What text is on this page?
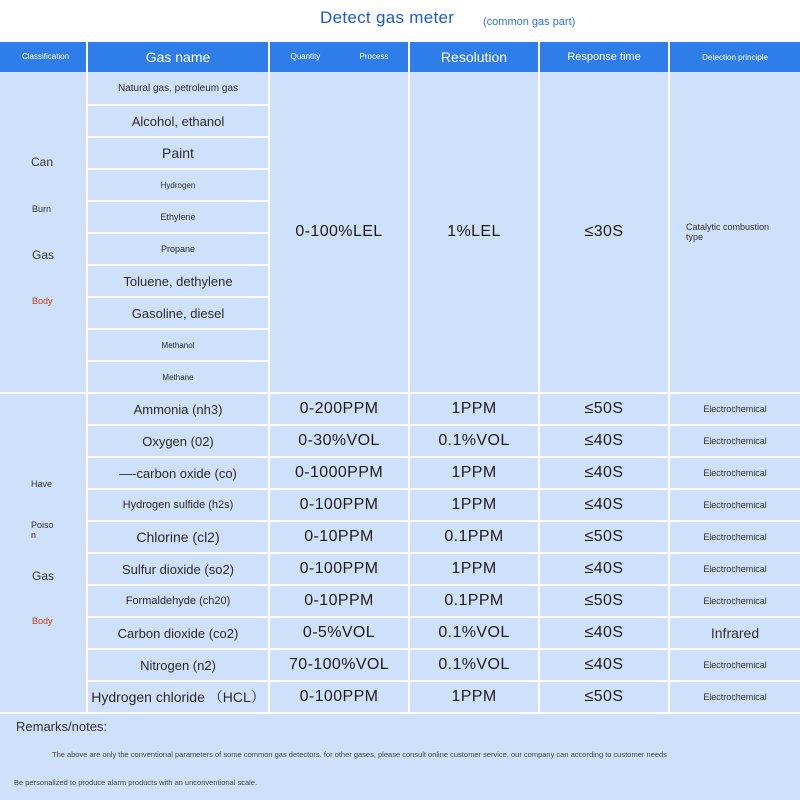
Detect gas meter	(common gas part)
Classification	Gas name	Quantity	Process	Resolution	Response time	Detection principle
Can
Burn
Gas
Body
Natural gas, petroleum gas
Alcohol, ethanol
Paint
Hydrogen
Ethylene
Propane
Toluene, dethylene
Gasoline, diesel
Methanol
Methane
0-100%LEL	1%LEL	≤30S	Catalytic combustion type
Have
Poison
Gas
Body
Ammonia (nh3)	0-200PPM	1PPM	≤50S	Electrochemical
Oxygen (02)	0-30%VOL	0.1%VOL	≤40S	Electrochemical
—-carbon oxide (co)	0-1000PPM	1PPM	≤40S	Electrochemical
Hydrogen sulfide (h2s)	0-100PPM	1PPM	≤40S	Electrochemical
Chlorine (cl2)	0-10PPM	0.1PPM	≤50S	Electrochemical
Sulfur dioxide (so2)	0-100PPM	1PPM	≤40S	Electrochemical
Formaldehyde (ch20)	0-10PPM	0.1PPM	≤50S	Electrochemical
Carbon dioxide (co2)	0-5%VOL	0.1%VOL	≤40S	Infrared
Nitrogen (n2)	70-100%VOL	0.1%VOL	≤40S	Electrochemical
Hydrogen chloride （HCL）	0-100PPM	1PPM	≤50S	Electrochemical
Remarks/notes:
The above are only the conventional parameters of some common gas detectors. for other gases, please consult online customer service. our company can according to customer needs
Be personalized to produce alarm products with an unconventional scale.
